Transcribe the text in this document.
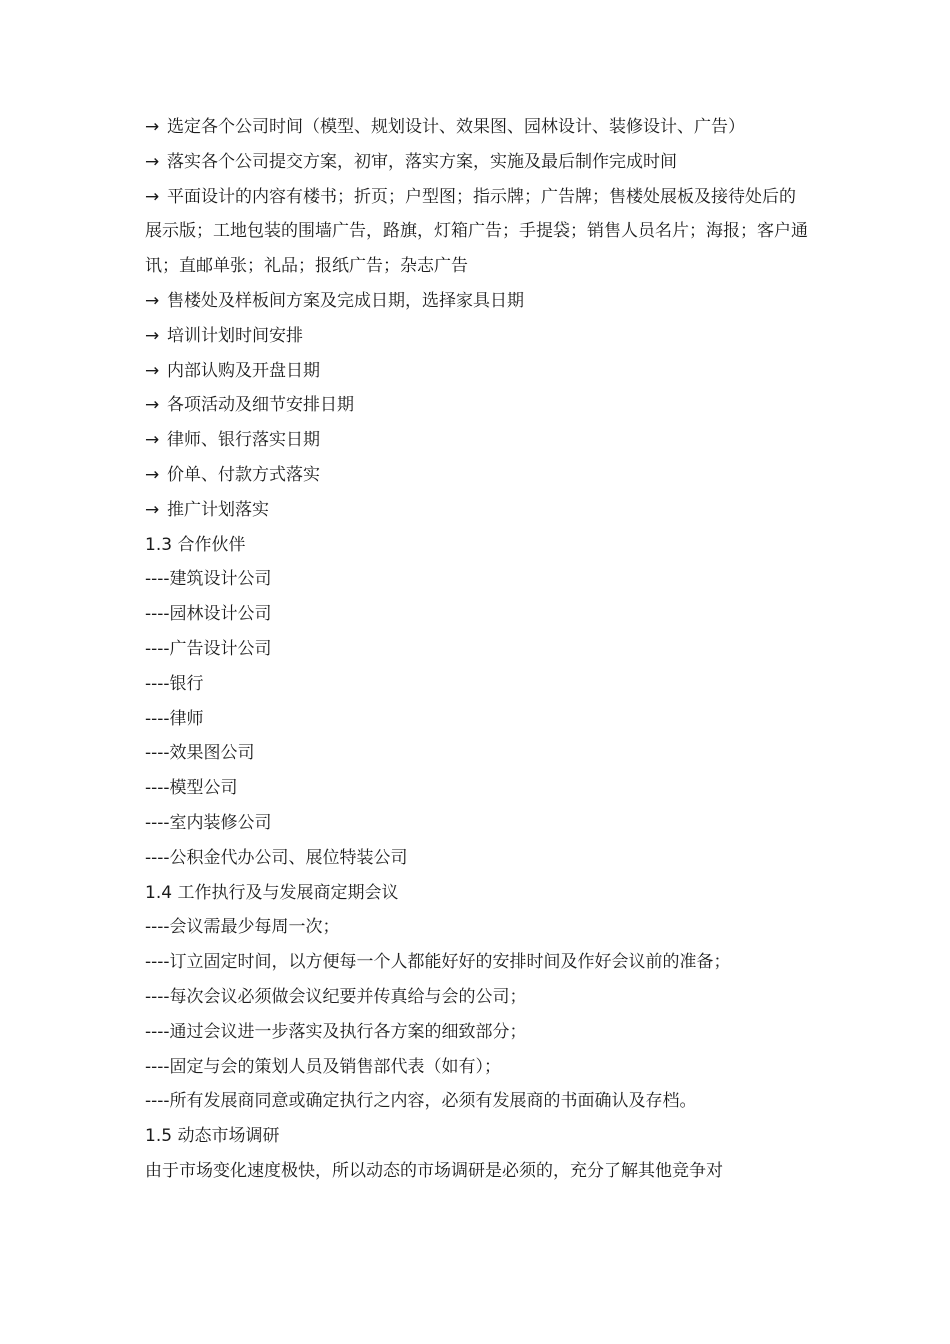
→ 选定各个公司时间（模型、规划设计、效果图、园林设计、装修设计、广告）
→ 落实各个公司提交方案，初审，落实方案，实施及最后制作完成时间
→ 平面设计的内容有楼书；折页；户型图；指示牌；广告牌；售楼处展板及接待处后的展示版；工地包装的围墙广告，路旗，灯箱广告；手提袋；销售人员名片；海报；客户通讯；直邮单张；礼品；报纸广告；杂志广告
→ 售楼处及样板间方案及完成日期，选择家具日期
→ 培训计划时间安排
→ 内部认购及开盘日期
→ 各项活动及细节安排日期
→ 律师、银行落实日期
→ 价单、付款方式落实
→ 推广计划落实
1.3 合作伙伴
----建筑设计公司
----园林设计公司
----广告设计公司
----银行
----律师
----效果图公司
----模型公司
----室内装修公司
----公积金代办公司、展位特装公司
1.4 工作执行及与发展商定期会议
----会议需最少每周一次；
----订立固定时间，以方便每一个人都能好好的安排时间及作好会议前的准备；
----每次会议必须做会议纪要并传真给与会的公司；
----通过会议进一步落实及执行各方案的细致部分；
----固定与会的策划人员及销售部代表（如有）；
----所有发展商同意或确定执行之内容，必须有发展商的书面确认及存档。
1.5 动态市场调研
由于市场变化速度极快，所以动态的市场调研是必须的，充分了解其他竞争对
